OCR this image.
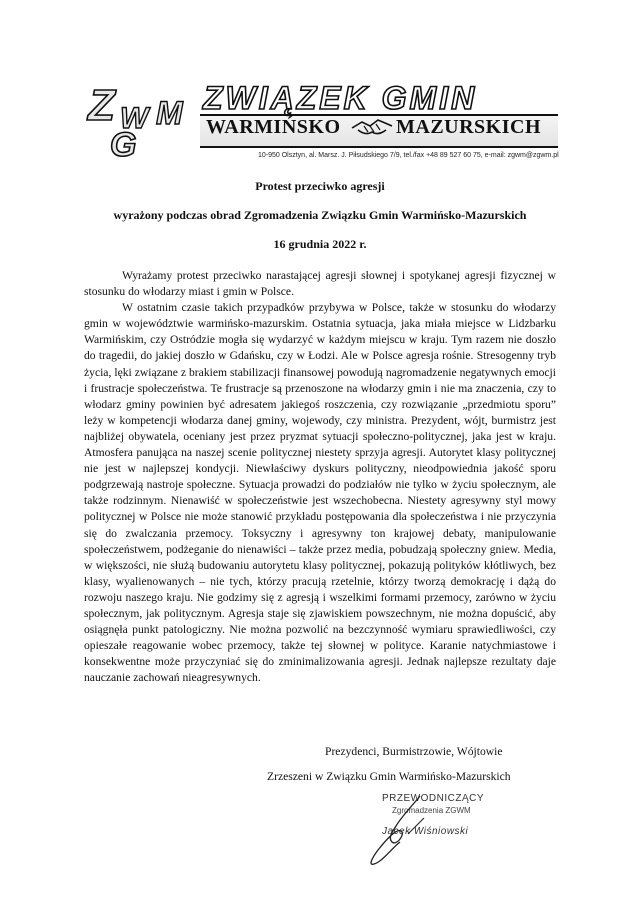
Z W M
G
ZWIĄZEK GMIN
WARMIŃSKO	MAZURSKICH
10-950 Olsztyn, al. Marsz. J. Piłsudskiego 7/9, tel./fax +48 89 527 60 75, e-mail: zgwm@zgwm.pl
Protest przeciwko agresji
wyrażony podczas obrad Zgromadzenia Związku Gmin Warmińsko-Mazurskich
16 grudnia 2022 r.

Wyrażamy protest przeciwko narastającej agresji słownej i spotykanej agresji fizycznej w stosunku do włodarzy miast i gmin w Polsce.

W ostatnim czasie takich przypadków przybywa w Polsce, także w stosunku do włodarzy gmin w województwie warmińsko-mazurskim. Ostatnia sytuacja, jaka miała miejsce w Lidzbarku Warmińskim, czy Ostródzie mogła się wydarzyć w każdym miejscu w kraju. Tym razem nie doszło do tragedii, do jakiej doszło w Gdańsku, czy w Łodzi. Ale w Polsce agresja rośnie. Stresogenny tryb życia, lęki związane z brakiem stabilizacji finansowej powodują nagromadzenie negatywnych emocji i frustracje społeczeństwa. Te frustracje są przenoszone na włodarzy gmin i nie ma znaczenia, czy to włodarz gminy powinien być adresatem jakiegoś roszczenia, czy rozwiązanie „przedmiotu sporu” leży w kompetencji włodarza danej gminy, wojewody, czy ministra. Prezydent, wójt, burmistrz jest najbliżej obywatela, oceniany jest przez pryzmat sytuacji społeczno-politycznej, jaka jest w kraju. Atmosfera panująca na naszej scenie politycznej niestety sprzyja agresji. Autorytet klasy politycznej nie jest w najlepszej kondycji. Niewłaściwy dyskurs polityczny, nieodpowiednia jakość sporu podgrzewają nastroje społeczne. Sytuacja prowadzi do podziałów nie tylko w życiu społecznym, ale także rodzinnym. Nienawiść w społeczeństwie jest wszechobecna. Niestety agresywny styl mowy politycznej w Polsce nie może stanowić przykładu postępowania dla społeczeństwa i nie przyczynia się do zwalczania przemocy. Toksyczny i agresywny ton krajowej debaty, manipulowanie społeczeństwem, podżeganie do nienawiści – także przez media, pobudzają społeczny gniew. Media, w większości, nie służą budowaniu autorytetu klasy politycznej, pokazują polityków kłótliwych, bez klasy, wyalienowanych – nie tych, którzy pracują rzetelnie, którzy tworzą demokrację i dążą do rozwoju naszego kraju. Nie godzimy się z agresją i wszelkimi formami przemocy, zarówno w życiu społecznym, jak politycznym. Agresja staje się zjawiskiem powszechnym, nie można dopuścić, aby osiągnęła punkt patologiczny. Nie można pozwolić na bezczynność wymiaru sprawiedliwości, czy opieszałe reagowanie wobec przemocy, także tej słownej w polityce. Karanie natychmiastowe i konsekwentne może przyczyniać się do zminimalizowania agresji. Jednak najlepsze rezultaty daje nauczanie zachowań nieagresywnych.

Prezydenci, Burmistrzowie, Wójtowie
Zrzeszeni w Związku Gmin Warmińsko-Mazurskich
PRZEWODNICZĄCY
Zgromadzenia ZGWM
Jacek Wiśniowski
